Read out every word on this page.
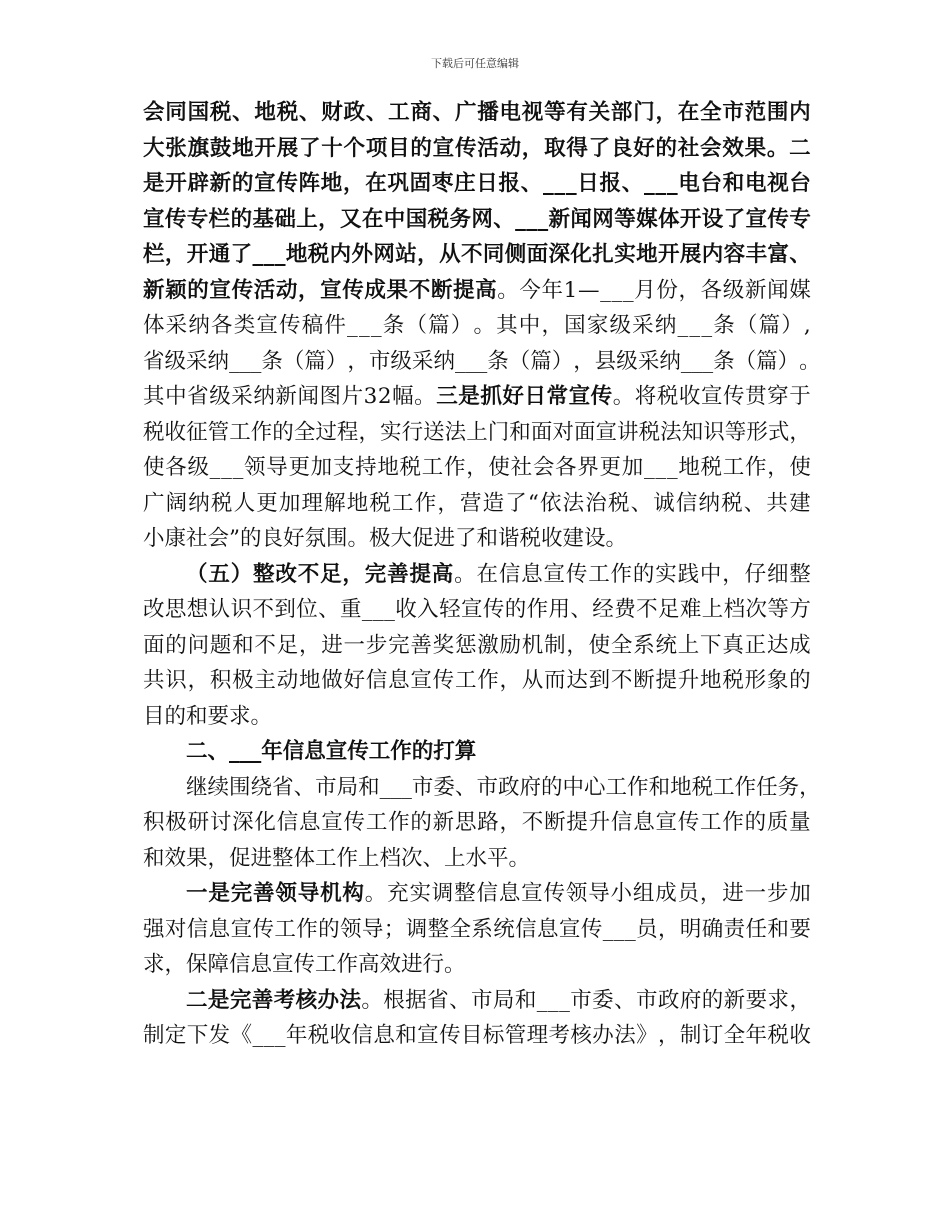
下载后可任意编辑
会 同 国 税 、 地 税 、 财 政 、 工 商 、 广 播 电 视 等 有 关 部 门 ， 在 全 市 范 围 内
大 张 旗 鼓 地 开 展 了 十 个 项 目 的 宣 传 活 动 ， 取 得 了 良 好 的 社 会 效 果 。 二
是 开 辟 新 的 宣 传 阵 地 ， 在 巩 固 枣 庄 日 报 、 _ _ _ 日 报 、 _ _ _ 电 台 和 电 视 台
宣 传 专 栏 的 基 础 上 ， 又 在 中 国 税 务 网 、 _ _ _ 新 闻 网 等 媒 体 开 设 了 宣 传 专
栏 ， 开 通 了 _ _ _ 地 税 内 外 网 站 ， 从 不 同 侧 面 深 化 扎 实 地 开 展 内 容 丰 富 、
新 颖 的 宣 传 活 动 ， 宣 传 成 果 不 断 提 高 。 今 年 1 — _ _ _ 月 份 ， 各 级 新 闻 媒
体 采 纳 各 类 宣 传 稿 件 _ _ _ 条 （ 篇 ） 。 其 中 ， 国 家 级 采 纳 _ _ _ 条 （ 篇 ） ,
省 级 采 纳 _ _ _ 条 （ 篇 ） ， 市 级 采 纳 _ _ _ 条 （ 篇 ） ， 县 级 采 纳 _ _ _ 条 （ 篇 ） 。
其 中 省 级 采 纳 新 闻 图 片 3 2 幅 。 三 是 抓 好 日 常 宣 传 。 将 税 收 宣 传 贯 穿 于
税 收 征 管 工 作 的 全 过 程 ， 实 行 送 法 上 门 和 面 对 面 宣 讲 税 法 知 识 等 形 式 ，
使 各 级 _ _ _ 领 导 更 加 支 持 地 税 工 作 ， 使 社 会 各 界 更 加 _ _ _ 地 税 工 作 ， 使
广 阔 纳 税 人 更 加 理 解 地 税 工 作 ， 营 造 了 “ 依 法 治 税 、 诚 信 纳 税 、 共 建
小康社会”的良好氛围。极大促进了和谐税收建设。
（ 五 ） 整 改 不 足 ， 完 善 提 高 。 在 信 息 宣 传 工 作 的 实 践 中 ， 仔 细 整
改 思 想 认 识 不 到 位 、 重 _ _ _ 收 入 轻 宣 传 的 作 用 、 经 费 不 足 难 上 档 次 等 方
面 的 问 题 和 不 足 ， 进 一 步 完 善 奖 惩 激 励 机 制 ， 使 全 系 统 上 下 真 正 达 成
共 识 ， 积 极 主 动 地 做 好 信 息 宣 传 工 作 ， 从 而 达 到 不 断 提 升 地 税 形 象 的
目的和要求。
二、___年信息宣传工作的打算
继 续 围 绕 省 、 市 局 和 _ _ _ 市 委 、 市 政 府 的 中 心 工 作 和 地 税 工 作 任 务 ，
积 极 研 讨 深 化 信 息 宣 传 工 作 的 新 思 路 ， 不 断 提 升 信 息 宣 传 工 作 的 质 量
和效果，促进整体工作上档次、上水平。
一 是 完 善 领 导 机 构 。 充 实 调 整 信 息 宣 传 领 导 小 组 成 员 ， 进 一 步 加
强 对 信 息 宣 传 工 作 的 领 导 ； 调 整 全 系 统 信 息 宣 传 _ _ _ 员 ， 明 确 责 任 和 要
求，保障信息宣传工作高效进行。
二 是 完 善 考 核 办 法 。 根 据 省 、 市 局 和 _ _ _ 市 委 、 市 政 府 的 新 要 求 ，
制 定 下 发 《 _ _ _ 年 税 收 信 息 和 宣 传 目 标 管 理 考 核 办 法 》 ， 制 订 全 年 税 收
